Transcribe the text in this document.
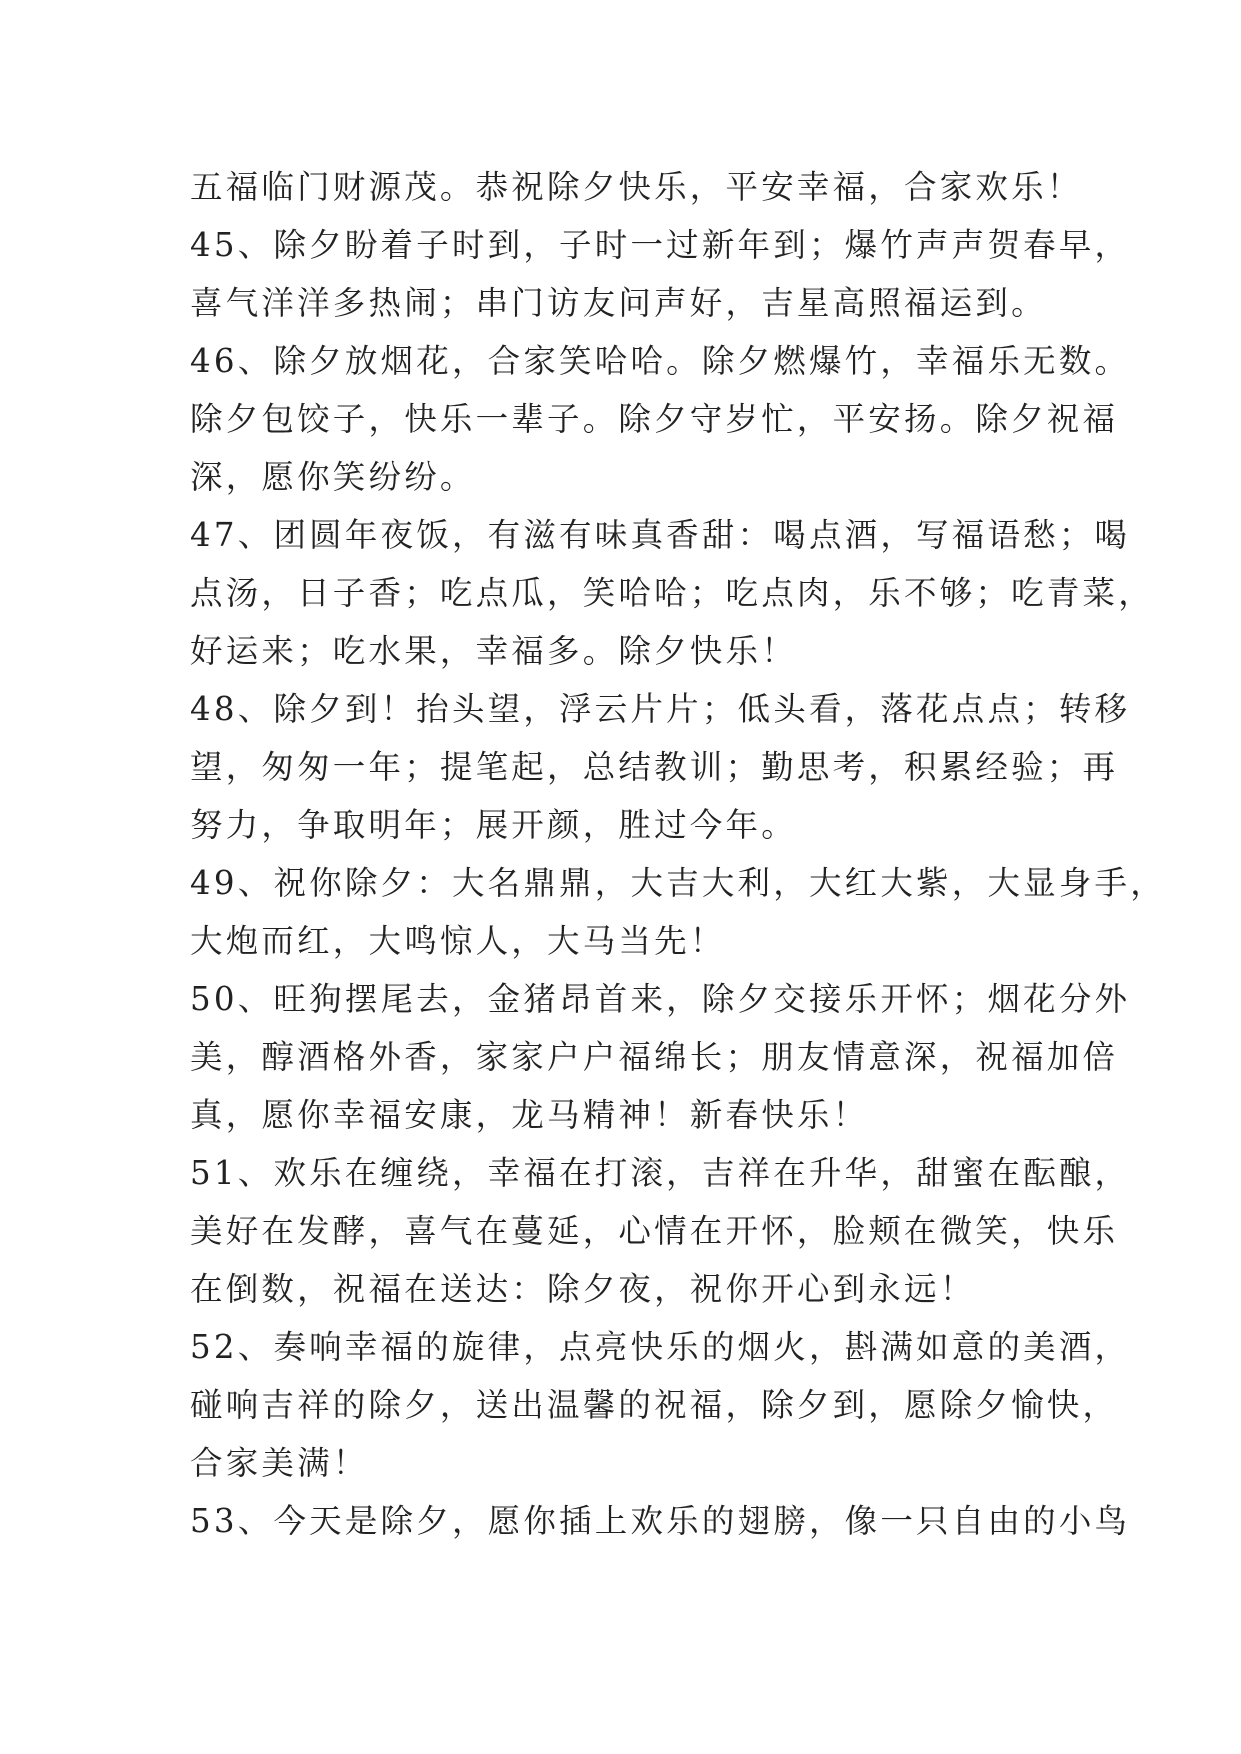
五福临门财源茂。恭祝除夕快乐，平安幸福，合家欢乐！
45、除夕盼着子时到，子时一过新年到；爆竹声声贺春早，
喜气洋洋多热闹；串门访友问声好，吉星高照福运到。
46、除夕放烟花，合家笑哈哈。除夕燃爆竹，幸福乐无数。
除夕包饺子，快乐一辈子。除夕守岁忙，平安扬。除夕祝福
深，愿你笑纷纷。
47、团圆年夜饭，有滋有味真香甜：喝点酒，写福语愁；喝
点汤，日子香；吃点瓜，笑哈哈；吃点肉，乐不够；吃青菜，
好运来；吃水果，幸福多。除夕快乐！
48、除夕到！抬头望，浮云片片；低头看，落花点点；转移
望，匆匆一年；提笔起，总结教训；勤思考，积累经验；再
努力，争取明年；展开颜，胜过今年。
49、祝你除夕：大名鼎鼎，大吉大利，大红大紫，大显身手，
大炮而红，大鸣惊人，大马当先！
50、旺狗摆尾去，金猪昂首来，除夕交接乐开怀；烟花分外
美，醇酒格外香，家家户户福绵长；朋友情意深，祝福加倍
真，愿你幸福安康，龙马精神！新春快乐！
51、欢乐在缠绕，幸福在打滚，吉祥在升华，甜蜜在酝酿，
美好在发酵，喜气在蔓延，心情在开怀，脸颊在微笑，快乐
在倒数，祝福在送达：除夕夜，祝你开心到永远！
52、奏响幸福的旋律，点亮快乐的烟火，斟满如意的美酒，
碰响吉祥的除夕，送出温馨的祝福，除夕到，愿除夕愉快，
合家美满！
53、今天是除夕，愿你插上欢乐的翅膀，像一只自由的小鸟
